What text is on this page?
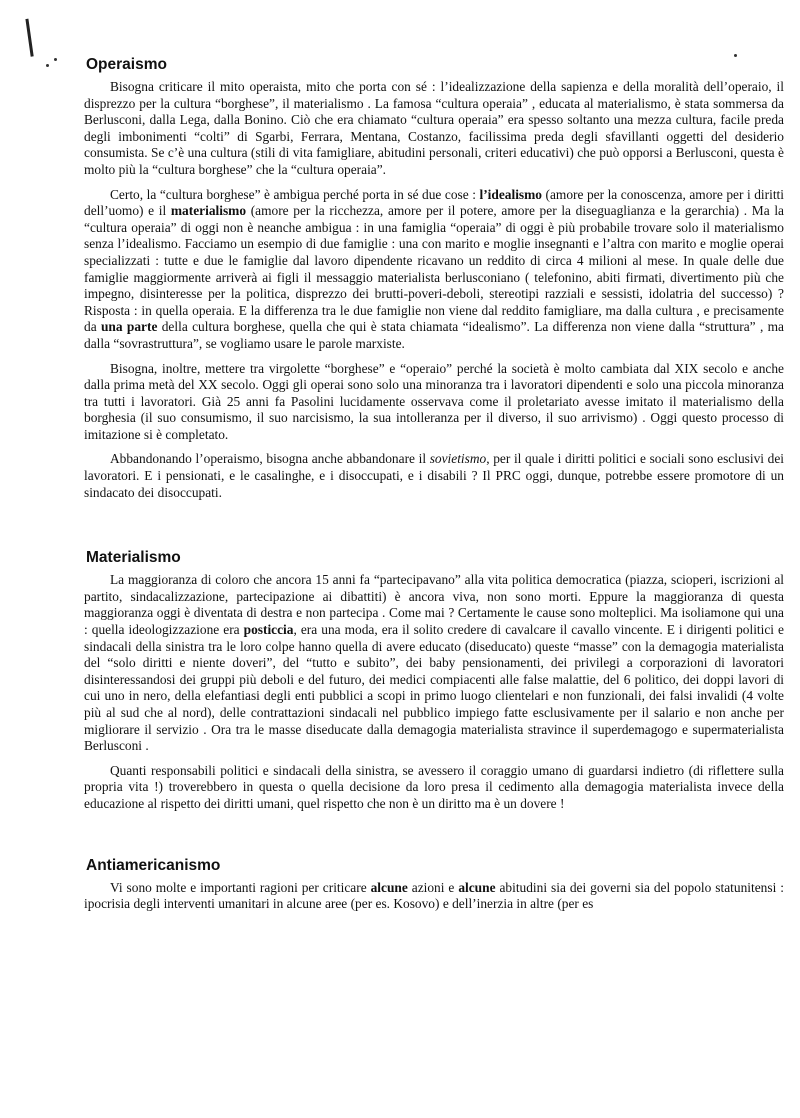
Operaismo

Bisogna criticare il mito operaista, mito che porta con sé : l’idealizzazione della sapienza e della moralità dell’operaio, il disprezzo per la cultura “borghese”, il materialismo . La famosa “cultura operaia” , educata al materialismo, è stata sommersa da Berlusconi, dalla Lega, dalla Bonino. Ciò che era chiamato “cultura operaia” era spesso soltanto una mezza cultura, facile preda degli imbonimenti “colti” di Sgarbi, Ferrara, Mentana, Costanzo, facilissima preda degli sfavillanti oggetti del desiderio consumista. Se c’è una cultura (stili di vita famigliare, abitudini personali, criteri educativi) che può opporsi a Berlusconi, questa è molto più la “cultura borghese” che la “cultura operaia”.

Certo, la “cultura borghese” è ambigua perché porta in sé due cose : l’idealismo (amore per la conoscenza, amore per i diritti dell’uomo) e il materialismo (amore per la ricchezza, amore per il potere, amore per la diseguaglianza e la gerarchia) . Ma la “cultura operaia” di oggi non è neanche ambigua : in una famiglia “operaia” di oggi è più probabile trovare solo il materialismo senza l’idealismo. Facciamo un esempio di due famiglie : una con marito e moglie insegnanti e l’altra con marito e moglie operai specializzati : tutte e due le famiglie dal lavoro dipendente ricavano un reddito di circa 4 milioni al mese. In quale delle due famiglie maggiormente arriverà ai figli il messaggio materialista berlusconiano ( telefonino, abiti firmati, divertimento più che impegno, disinteresse per la politica, disprezzo dei brutti-poveri-deboli, stereotipi razziali e sessisti, idolatria del successo) ? Risposta : in quella operaia. E la differenza tra le due famiglie non viene dal reddito famigliare, ma dalla cultura , e precisamente da una parte della cultura borghese, quella che qui è stata chiamata “idealismo”. La differenza non viene dalla “struttura” , ma dalla “sovrastruttura”, se vogliamo usare le parole marxiste.

Bisogna, inoltre, mettere tra virgolette “borghese” e “operaio” perché la società è molto cambiata dal XIX secolo e anche dalla prima metà del XX secolo. Oggi gli operai sono solo una minoranza tra i lavoratori dipendenti e solo una piccola minoranza tra tutti i lavoratori. Già 25 anni fa Pasolini lucidamente osservava come il proletariato avesse imitato il materialismo della borghesia (il suo consumismo, il suo narcisismo, la sua intolleranza per il diverso, il suo arrivismo) . Oggi questo processo di imitazione si è completato.

Abbandonando l’operaismo, bisogna anche abbandonare il sovietismo, per il quale i diritti politici e sociali sono esclusivi dei lavoratori. E i pensionati, e le casalinghe, e i disoccupati, e i disabili ? Il PRC oggi, dunque, potrebbe essere promotore di un sindacato dei disoccupati.

Materialismo

La maggioranza di coloro che ancora 15 anni fa “partecipavano” alla vita politica democratica (piazza, scioperi, iscrizioni al partito, sindacalizzazione, partecipazione ai dibattiti) è ancora viva, non sono morti. Eppure la maggioranza di questa maggioranza oggi è diventata di destra e non partecipa . Come mai ? Certamente le cause sono molteplici. Ma isoliamone qui una : quella ideologizzazione era posticcia, era una moda, era il solito credere di cavalcare il cavallo vincente. E i dirigenti politici e sindacali della sinistra tra le loro colpe hanno quella di avere educato (diseducato) queste “masse” con la demagogia materialista del “solo diritti e niente doveri”, del “tutto e subito”, dei baby pensionamenti, dei privilegi a corporazioni di lavoratori disinteressandosi dei gruppi più deboli e del futuro, dei medici compiacenti alle false malattie, del 6 politico, dei doppi lavori di cui uno in nero, della elefantiasi degli enti pubblici a scopi in primo luogo clientelari e non funzionali, dei falsi invalidi (4 volte più al sud che al nord), delle contrattazioni sindacali nel pubblico impiego fatte esclusivamente per il salario e non anche per migliorare il servizio . Ora tra le masse diseducate dalla demagogia materialista stravince il superdemagogo e supermaterialista Berlusconi .

Quanti responsabili politici e sindacali della sinistra, se avessero il coraggio umano di guardarsi indietro (di riflettere sulla propria vita !) troverebbero in questa o quella decisione da loro presa il cedimento alla demagogia materialista invece della educazione al rispetto dei diritti umani, quel rispetto che non è un diritto ma è un dovere !

Antiamericanismo

Vi sono molte e importanti ragioni per criticare alcune azioni e alcune abitudini sia dei governi sia del popolo statunitensi : ipocrisia degli interventi umanitari in alcune aree (per es. Kosovo) e dell’inerzia in altre (per es
